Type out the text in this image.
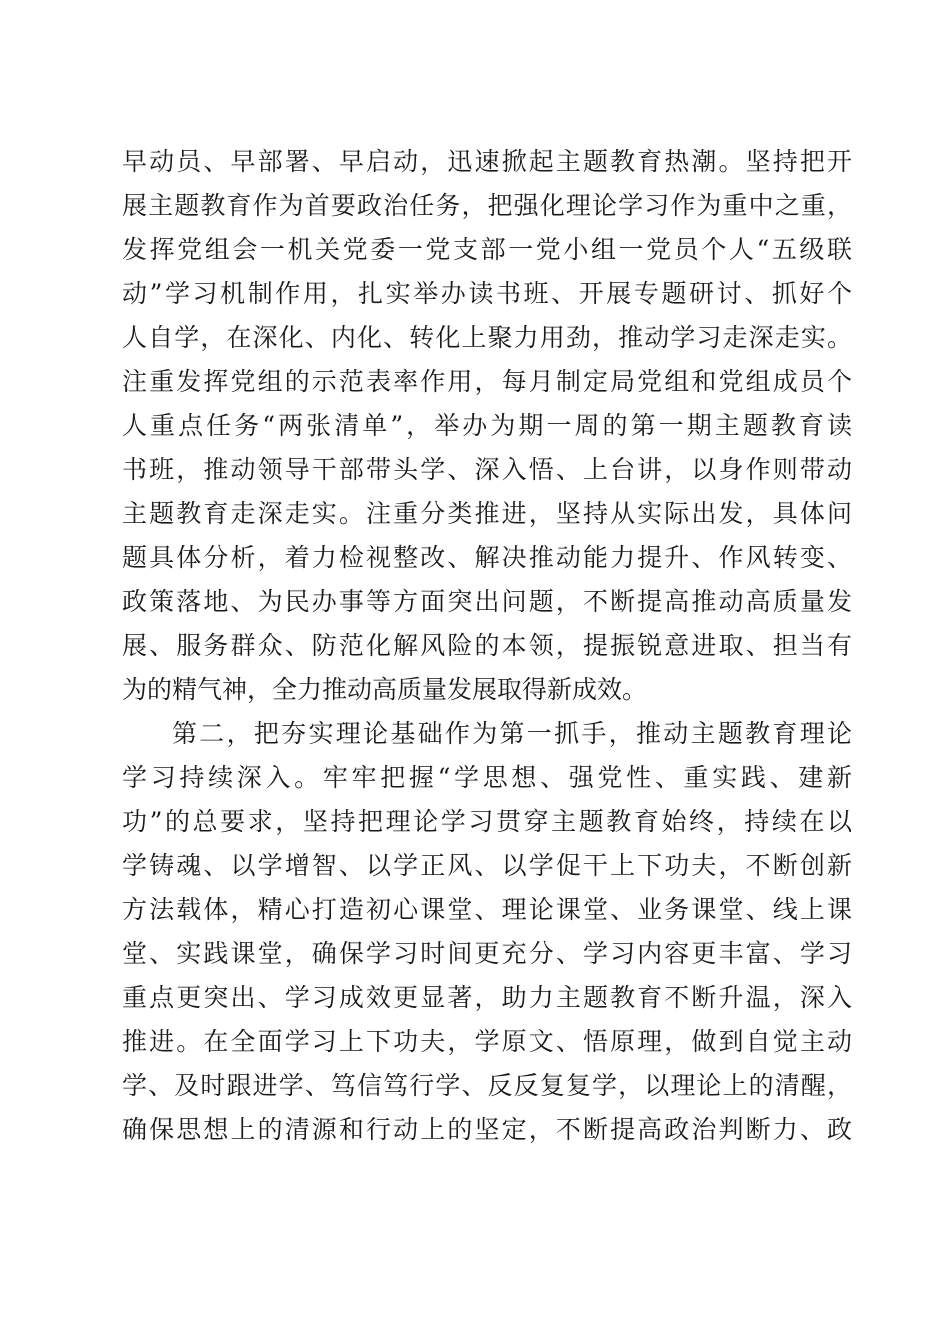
早动员、早部署、早启动，迅速掀起主题教育热潮。坚持把开
展主题教育作为首要政治任务，把强化理论学习作为重中之重，
发挥党组会一机关党委一党支部一党小组一党员个人“五级联
动”学习机制作用，扎实举办读书班、开展专题研讨、抓好个
人自学，在深化、内化、转化上聚力用劲，推动学习走深走实。
注重发挥党组的示范表率作用，每月制定局党组和党组成员个
人重点任务“两张清单”，举办为期一周的第一期主题教育读
书班，推动领导干部带头学、深入悟、上台讲，以身作则带动
主题教育走深走实。注重分类推进，坚持从实际出发，具体问
题具体分析，着力检视整改、解决推动能力提升、作风转变、
政策落地、为民办事等方面突出问题，不断提高推动高质量发
展、服务群众、防范化解风险的本领，提振锐意进取、担当有
为的精气神，全力推动高质量发展取得新成效。
第二，把夯实理论基础作为第一抓手，推动主题教育理论
学习持续深入。牢牢把握“学思想、强党性、重实践、建新
功”的总要求，坚持把理论学习贯穿主题教育始终，持续在以
学铸魂、以学增智、以学正风、以学促干上下功夫，不断创新
方法载体，精心打造初心课堂、理论课堂、业务课堂、线上课
堂、实践课堂，确保学习时间更充分、学习内容更丰富、学习
重点更突出、学习成效更显著，助力主题教育不断升温，深入
推进。在全面学习上下功夫，学原文、悟原理，做到自觉主动
学、及时跟进学、笃信笃行学、反反复复学，以理论上的清醒，
确保思想上的清源和行动上的坚定，不断提高政治判断力、政
